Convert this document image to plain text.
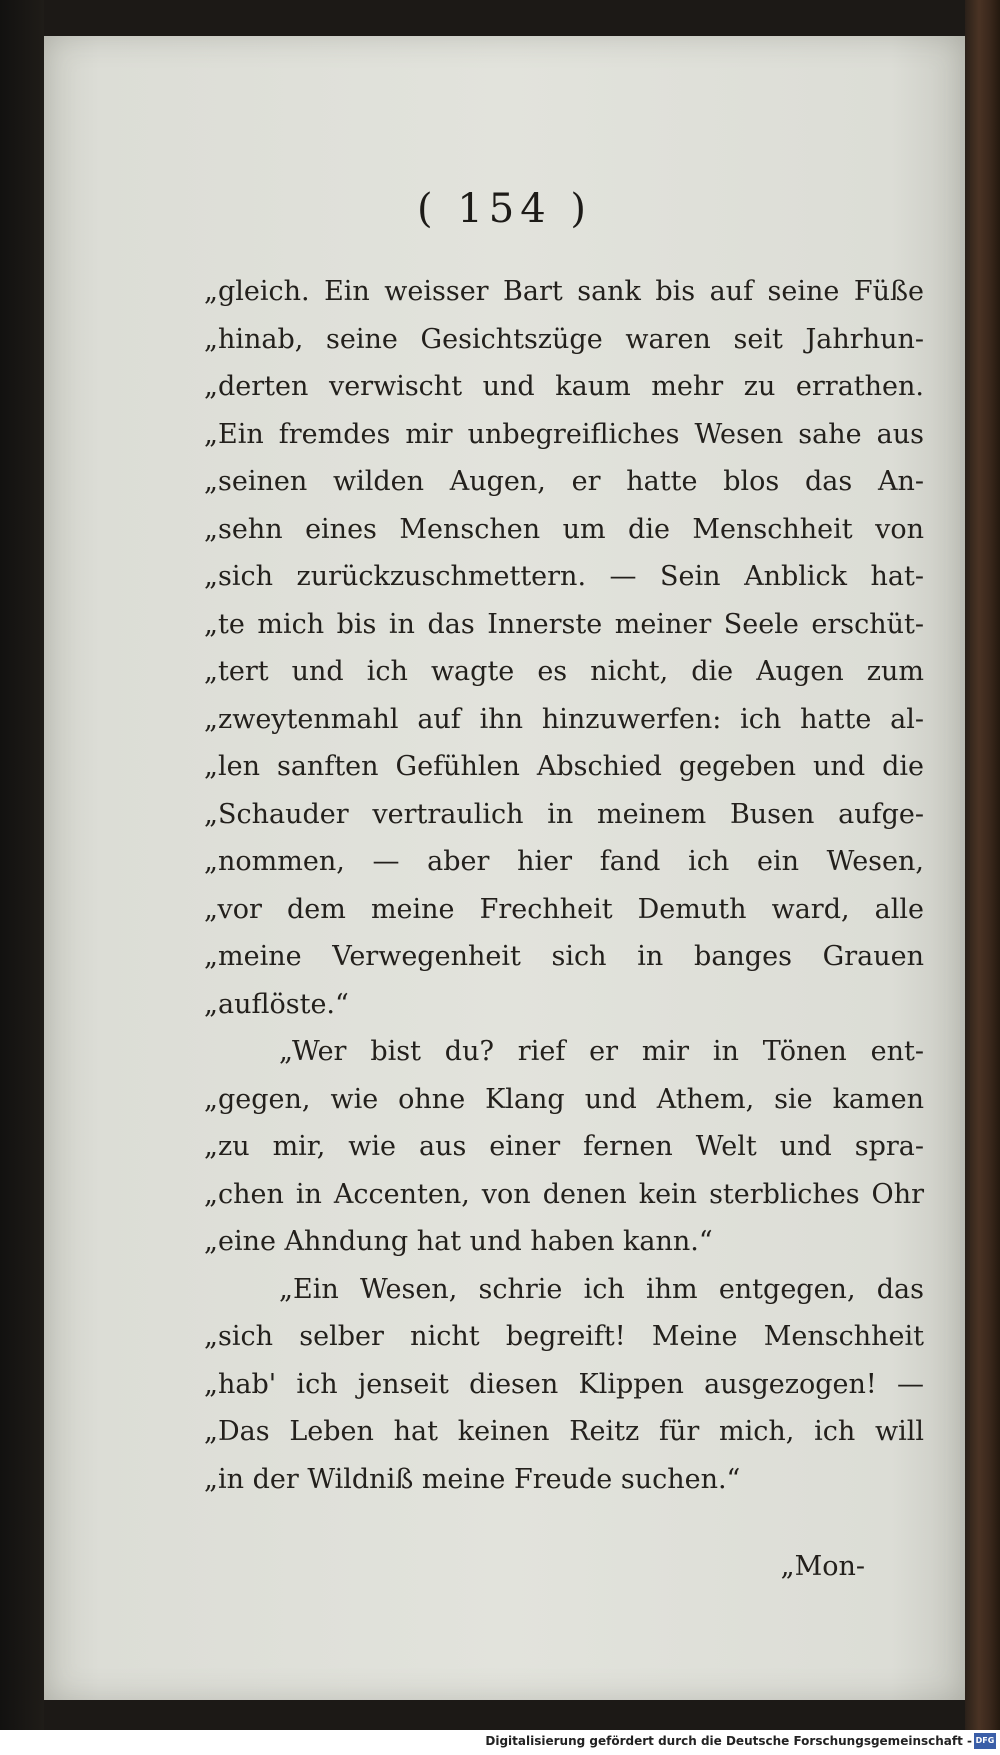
( 154 )
„gleich. Ein weisser Bart sank bis auf seine Füße
„hinab, seine Gesichtszüge waren seit Jahrhun-
„derten verwischt und kaum mehr zu errathen.
„Ein fremdes mir unbegreifliches Wesen sahe aus
„seinen wilden Augen, er hatte blos das An-
„sehn eines Menschen um die Menschheit von
„sich zurückzuschmettern. — Sein Anblick hat-
„te mich bis in das Innerste meiner Seele erschüt-
„tert und ich wagte es nicht, die Augen zum
„zweytenmahl auf ihn hinzuwerfen: ich hatte al-
„len sanften Gefühlen Abschied gegeben und die
„Schauder vertraulich in meinem Busen aufge-
„nommen, — aber hier fand ich ein Wesen,
„vor dem meine Frechheit Demuth ward, alle
„meine Verwegenheit sich in banges Grauen
„auflöste.“
„Wer bist du? rief er mir in Tönen ent-
„gegen, wie ohne Klang und Athem, sie kamen
„zu mir, wie aus einer fernen Welt und spra-
„chen in Accenten, von denen kein sterbliches Ohr
„eine Ahndung hat und haben kann.“
„Ein Wesen, schrie ich ihm entgegen, das
„sich selber nicht begreift! Meine Menschheit
„hab' ich jenseit diesen Klippen ausgezogen! —
„Das Leben hat keinen Reitz für mich, ich will
„in der Wildniß meine Freude suchen.“
„Mon-
Digitalisierung gefördert durch die Deutsche Forschungsgemeinschaft - DFG
